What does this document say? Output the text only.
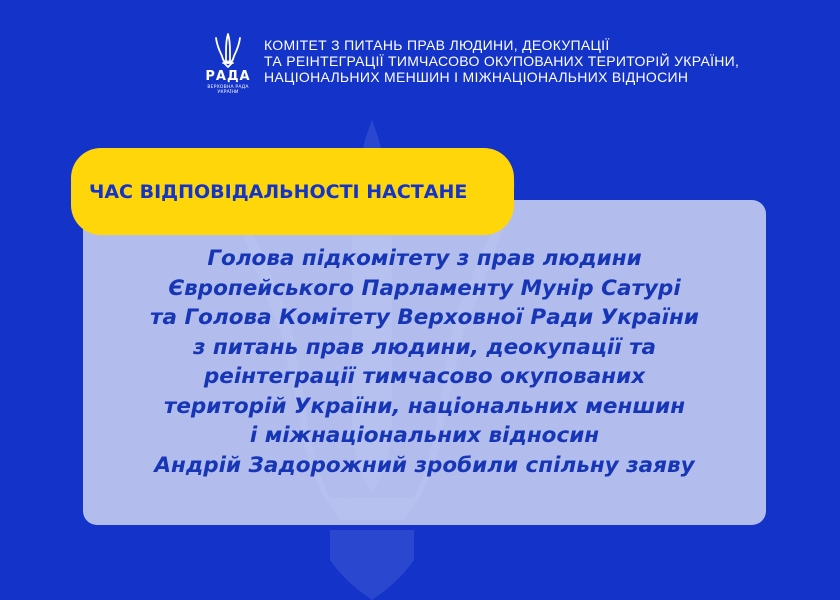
РАДА
ВЕРХОВНА РАДА
УКРАЇНИ
КОМІТЕТ З ПИТАНЬ ПРАВ ЛЮДИНИ, ДЕОКУПАЦІЇ
ТА РЕІНТЕГРАЦІЇ ТИМЧАСОВО ОКУПОВАНИХ ТЕРИТОРІЙ УКРАЇНИ,
НАЦІОНАЛЬНИХ МЕНШИН І МІЖНАЦІОНАЛЬНИХ ВІДНОСИН
Голова підкомітету з прав людини
Європейського Парламенту Мунір Сатурі
та Голова Комітету Верховної Ради України
з питань прав людини, деокупації та
реінтеграції тимчасово окупованих
територій України, національних меншин
і міжнаціональних відносин
Андрій Задорожний зробили спільну заяву
ЧАС ВІДПОВІДАЛЬНОСТІ НАСТАНЕ
